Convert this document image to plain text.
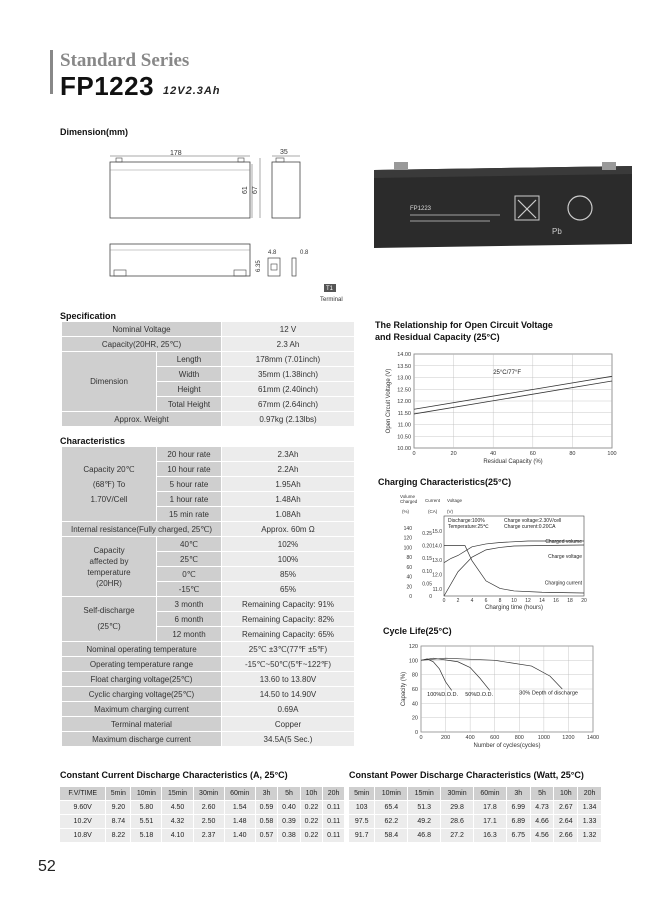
Standard Series
FP1223 12V2.3Ah
Dimension(mm)
178
61 67
35
4.8	0.8
6.35
T1
Terminal
FP1223
Pb
Specification
Nominal Voltage		12 V
Capacity(20HR, 25℃)		2.3 Ah
Dimension	Length	178mm (7.01inch)
	Width	35mm (1.38inch)
	Height	61mm (2.40inch)
	Total Height	67mm (2.64inch)
Approx. Weight		0.97kg (2.13lbs)
Characteristics
Capacity 20℃
(68℉) To
1.70V/Cell	20 hour rate	2.3Ah
	10 hour rate	2.2Ah
	5 hour rate	1.95Ah
	1 hour rate	1.48Ah
	15 min rate	1.08Ah
Internal resistance(Fully charged, 25℃)		Approx. 60m Ω
Capacity
affected by
temperature
(20HR)	40℃	102%
	25℃	100%
	0℃	85%
	-15℃	65%
Self-discharge
(25℃)	3 month	Remaining Capacity: 91%
	6 month	Remaining Capacity: 82%
	12 month	Remaining Capacity: 65%
Nominal operating temperature		25℃ ±3℃(77℉ ±5℉)
Operating temperature range		-15℃~50℃(5℉~122℉)
Float charging voltage(25℃)		13.60 to 13.80V
Cyclic charging voltage(25℃)		14.50 to 14.90V
Maximum charging current		0.69A
Terminal material		Copper
Maximum discharge current		34.5A(5 Sec.)
The Relationship for Open Circuit Voltage
and Residual Capacity (25°C)
10.00
10.50
11.00
11.50
12.00
12.50
13.00
13.50
14.00
0	20	40	60	80	100
25°C/77°F
Residual Capacity (%)
Open Circuit Voltage (V)
Charging Characteristics(25°C)
Volume
Charged
(%)
Current
(CA)
Voltage
(V)
0
20
40
60
80
100
120
140
0
0.05
0.10
0.15
0.20
0.25
11.0
12.0
13.0
14.0
15.0
0 2 4 6 8 10 12 14 16 18 20
Discharge:100%
Temperature:25℃
Charge voltage:2.30V/cell
Charge current:0.20CA
Charged volume
Charge voltage
Charging current
Charging time (hours)
Cycle Life(25°C)
0
20
40
60
80
100
120
0	200	400	600	800	1000 1200 1400
100%D.O.D. 50%D.O.D.	30% Depth of discharge
Number of cycles(cycles)
Capacity (%)
Constant Current Discharge Characteristics (A, 25°C)
F.V/TIME	5min	10min	15min	30min	60min	3h	5h	10h	20h
9.60V	9.20	5.80	4.50	2.60	1.54	0.59	0.40	0.22	0.11
10.2V	8.74	5.51	4.32	2.50	1.48	0.58	0.39	0.22	0.11
10.8V	8.22	5.18	4.10	2.37	1.40	0.57	0.38	0.22	0.11
Constant Power Discharge Characteristics (Watt, 25°C)
5min	10min	15min	30min	60min	3h	5h	10h	20h
103	65.4	51.3	29.8	17.8	6.99	4.73	2.67	1.34
97.5	62.2	49.2	28.6	17.1	6.89	4.66	2.64	1.33
91.7	58.4	46.8	27.2	16.3	6.75	4.56	2.66	1.32
52
